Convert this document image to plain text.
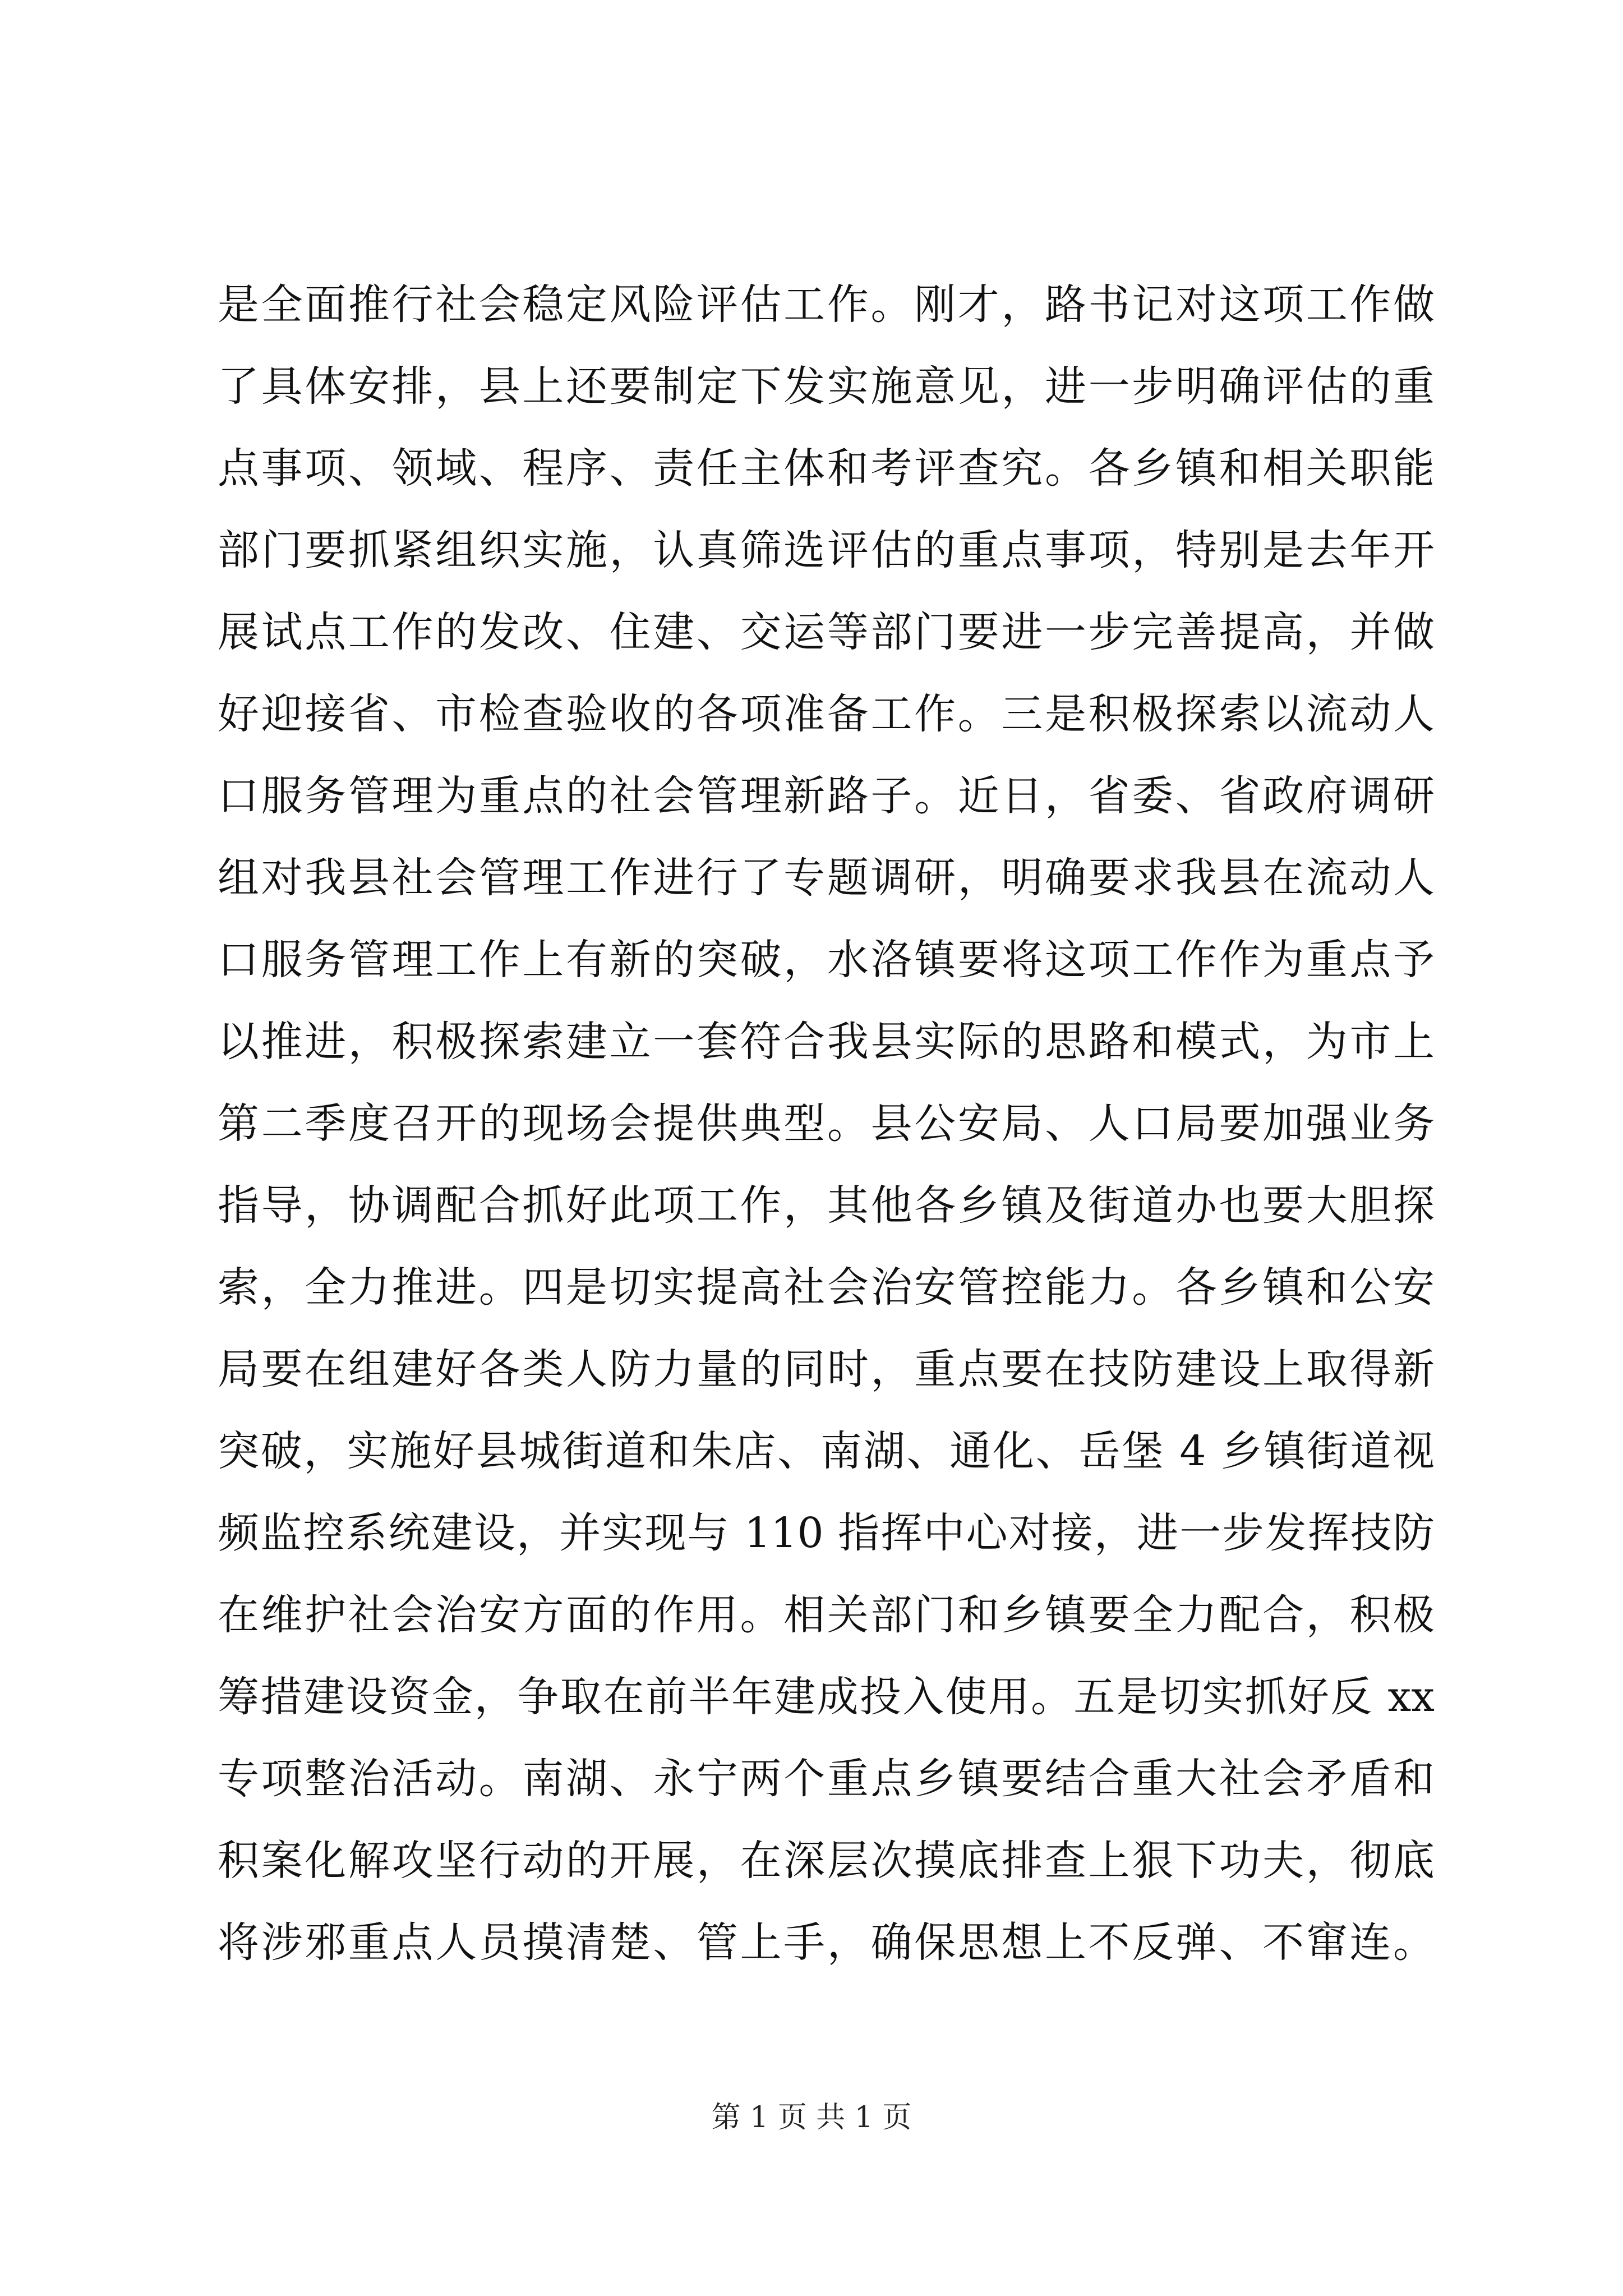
是全面推行社会稳定风险评估工作。刚才，路书记对这项工作做
了具体安排，县上还要制定下发实施意见，进一步明确评估的重
点事项、领域、程序、责任主体和考评查究。各乡镇和相关职能
部门要抓紧组织实施，认真筛选评估的重点事项，特别是去年开
展试点工作的发改、住建、交运等部门要进一步完善提高，并做
好迎接省、市检查验收的各项准备工作。三是积极探索以流动人
口服务管理为重点的社会管理新路子。近日，省委、省政府调研
组对我县社会管理工作进行了专题调研，明确要求我县在流动人
口服务管理工作上有新的突破，水洛镇要将这项工作作为重点予
以推进，积极探索建立一套符合我县实际的思路和模式，为市上
第二季度召开的现场会提供典型。县公安局、人口局要加强业务
指导，协调配合抓好此项工作，其他各乡镇及街道办也要大胆探
索，全力推进。四是切实提高社会治安管控能力。各乡镇和公安
局要在组建好各类人防力量的同时，重点要在技防建设上取得新
突破，实施好县城街道和朱店、南湖、通化、岳堡 4 乡镇街道视
频监控系统建设，并实现与 110 指挥中心对接，进一步发挥技防
在维护社会治安方面的作用。相关部门和乡镇要全力配合，积极
筹措建设资金，争取在前半年建成投入使用。五是切实抓好反 xx
专项整治活动。南湖、永宁两个重点乡镇要结合重大社会矛盾和
积案化解攻坚行动的开展，在深层次摸底排查上狠下功夫，彻底
将涉邪重点人员摸清楚、管上手，确保思想上不反弹、不窜连。
第 1 页 共 1 页
